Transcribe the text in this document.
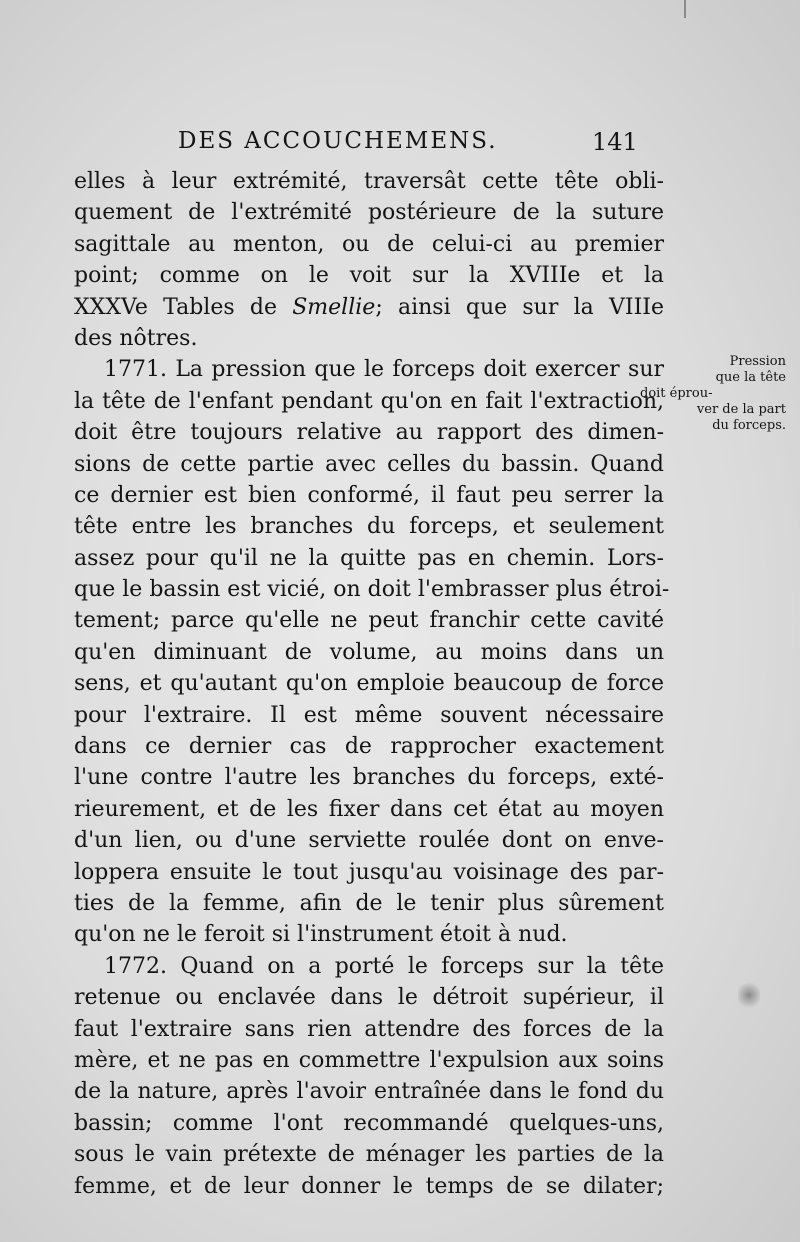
DES ACCOUCHEMENS.	141
Pression
que la tête
doit éprou-
ver de la part
du forceps.
elles à leur extrémité, traversât cette tête obli-
quement de l'extrémité postérieure de la suture
sagittale au menton, ou de celui-ci au premier
point; comme on le voit sur la XVIIIe et la
XXXVe Tables de Smellie; ainsi que sur la VIIIe
des nôtres.
1771. La pression que le forceps doit exercer sur
la tête de l'enfant pendant qu'on en fait l'extraction,
doit être toujours relative au rapport des dimen-
sions de cette partie avec celles du bassin. Quand
ce dernier est bien conformé, il faut peu serrer la
tête entre les branches du forceps, et seulement
assez pour qu'il ne la quitte pas en chemin. Lors-
que le bassin est vicié, on doit l'embrasser plus étroi-
tement; parce qu'elle ne peut franchir cette cavité
qu'en diminuant de volume, au moins dans un
sens, et qu'autant qu'on emploie beaucoup de force
pour l'extraire. Il est même souvent nécessaire
dans ce dernier cas de rapprocher exactement
l'une contre l'autre les branches du forceps, exté-
rieurement, et de les fixer dans cet état au moyen
d'un lien, ou d'une serviette roulée dont on enve-
loppera ensuite le tout jusqu'au voisinage des par-
ties de la femme, afin de le tenir plus sûrement
qu'on ne le feroit si l'instrument étoit à nud.
1772. Quand on a porté le forceps sur la tête
retenue ou enclavée dans le détroit supérieur, il
faut l'extraire sans rien attendre des forces de la
mère, et ne pas en commettre l'expulsion aux soins
de la nature, après l'avoir entraînée dans le fond du
bassin; comme l'ont recommandé quelques-uns,
sous le vain prétexte de ménager les parties de la
femme, et de leur donner le temps de se dilater;
